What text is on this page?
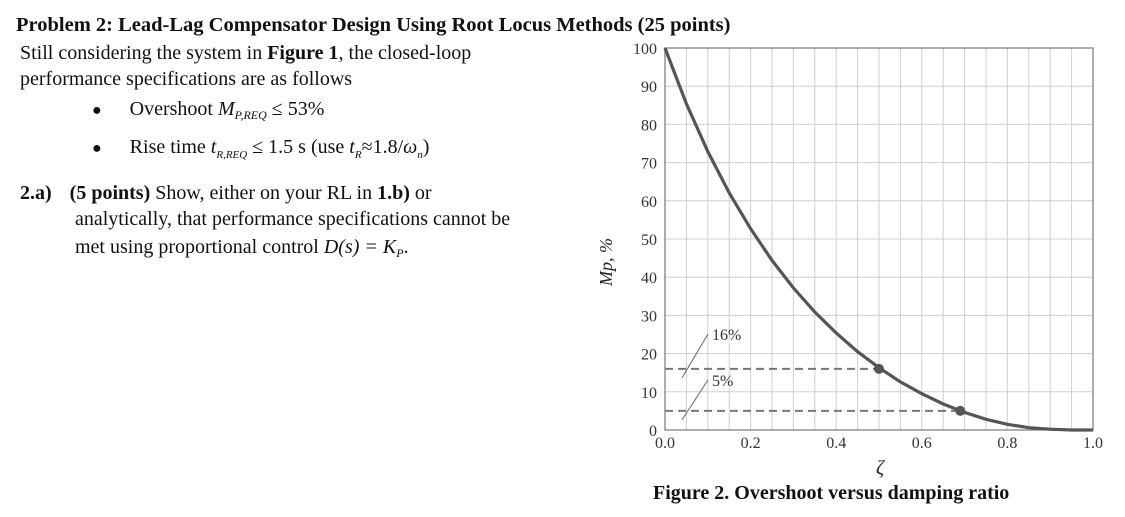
Problem 2: Lead-Lag Compensator Design Using Root Locus Methods (25 points)
Still considering the system in Figure 1, the closed-loop
performance specifications are as follows
● Overshoot $M_{P,REQ} \le 53\%$
● Rise time $t_{R,REQ} \le 1.5$ s (use $t_R\approx 1.8/\omega_n$)
2.a) (5 points) Show, either on your RL in 1.b) or
analytically, that performance specifications cannot be
met using proportional control $D(s) = K_P$.
0.0	0.2	0.4	0.6	0.8	1.0
0
10
20
30
40
50
60
70
80
90
100
16%
5%
Mp, %
ζ
Figure 2. Overshoot versus damping ratio
